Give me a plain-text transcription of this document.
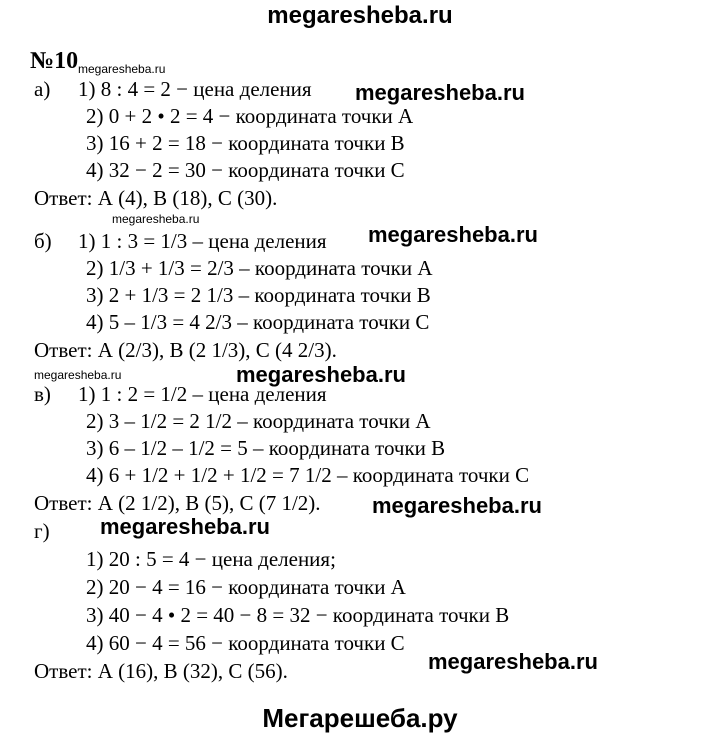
megaresheba.ru
№10 megaresheba.ru
а) 1) 8 : 4 = 2 − цена деления megaresheba.ru
2) 0 + 2 • 2 = 4 − координата точки А
3) 16 + 2 = 18 − координата точки В
4) 32 − 2 = 30 − координата точки С
Ответ: А (4), В (18), С (30).
megaresheba.ru
б) 1) 1 : 3 = 1/3 – цена деления megaresheba.ru
2) 1/3 + 1/3 = 2/3 – координата точки А
3) 2 + 1/3 = 2 1/3 – координата точки В
4) 5 – 1/3 = 4 2/3 – координата точки С
Ответ: А (2/3), В (2 1/3), С (4 2/3).
megaresheba.ru	megaresheba.ru
в) 1) 1 : 2 = 1/2 – цена деления
2) 3 – 1/2 = 2 1/2 – координата точки А
3) 6 – 1/2 – 1/2 = 5 – координата точки В
4) 6 + 1/2 + 1/2 + 1/2 = 7 1/2 – координата точки С
Ответ: А (2 1/2), В (5), С (7 1/2). megaresheba.ru
г) megaresheba.ru
1) 20 : 5 = 4 − цена деления;
2) 20 − 4 = 16 − координата точки А
3) 40 − 4 • 2 = 40 − 8 = 32 − координата точки В
4) 60 − 4 = 56 − координата точки С
Ответ: А (16), В (32), С (56).	megaresheba.ru
Мегарешеба.ру
